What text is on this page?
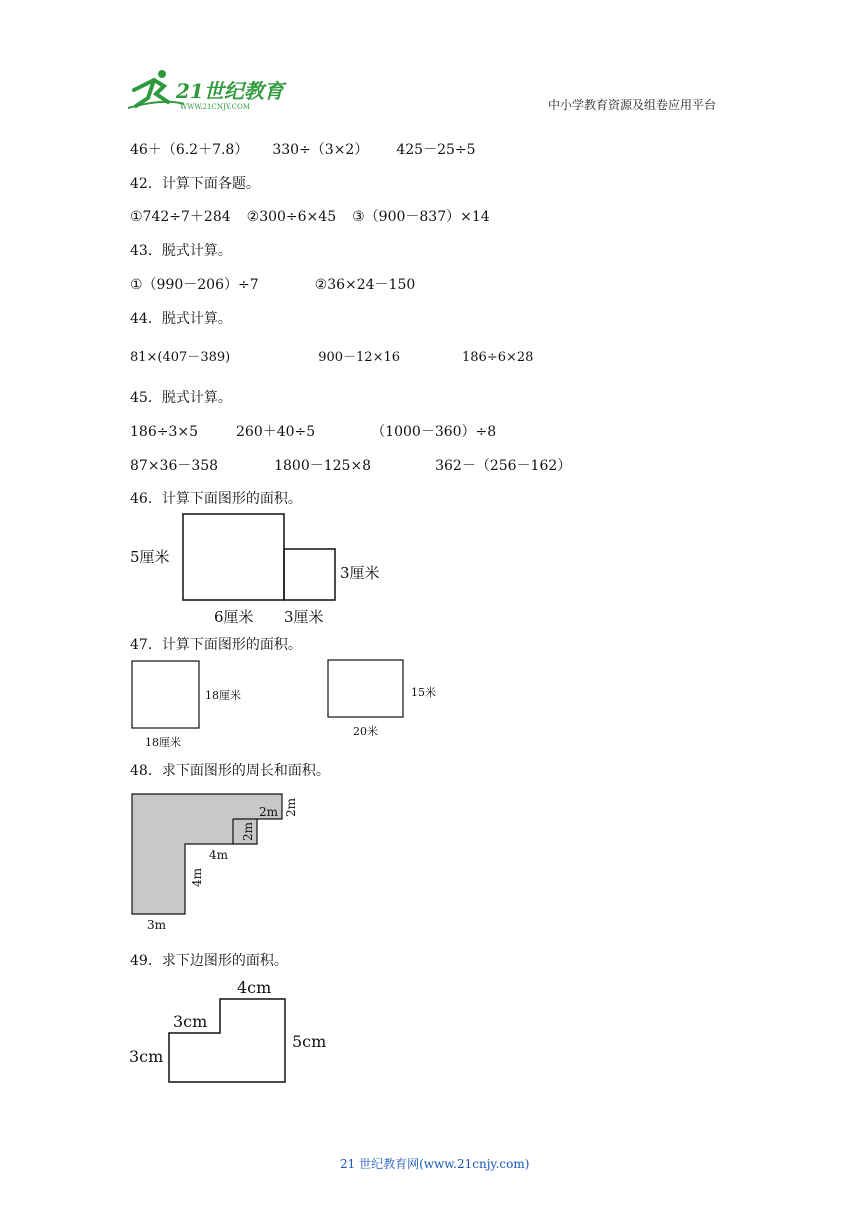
21世纪教育
WWW.21CNJY.COM	中小学教育资源及组卷应用平台
46＋（6.2＋7.8） 330÷（3×2） 425－25÷5
42．计算下面各题。
①742÷7＋284 ②300÷6×45 ③（900－837）×14
43．脱式计算。
①（990－206）÷7	②36×24－150
44．脱式计算。
81×(407－389)	900－12×16	186÷6×28
45．脱式计算。
186÷3×5	260＋40÷5	（1000－360）÷8
87×36－358	1800－125×8	362－（256－162）
46．计算下面图形的面积。
5厘米
3厘米
6厘米 3厘米
47．计算下面图形的面积。
18厘米
18厘米
15米
20米
48．求下面图形的周长和面积。
2m 2m
2m
4m
4m
3m
49．求下边图形的面积。
4cm
3cm
3cm
5cm
21 世纪教育网(www.21cnjy.com)
